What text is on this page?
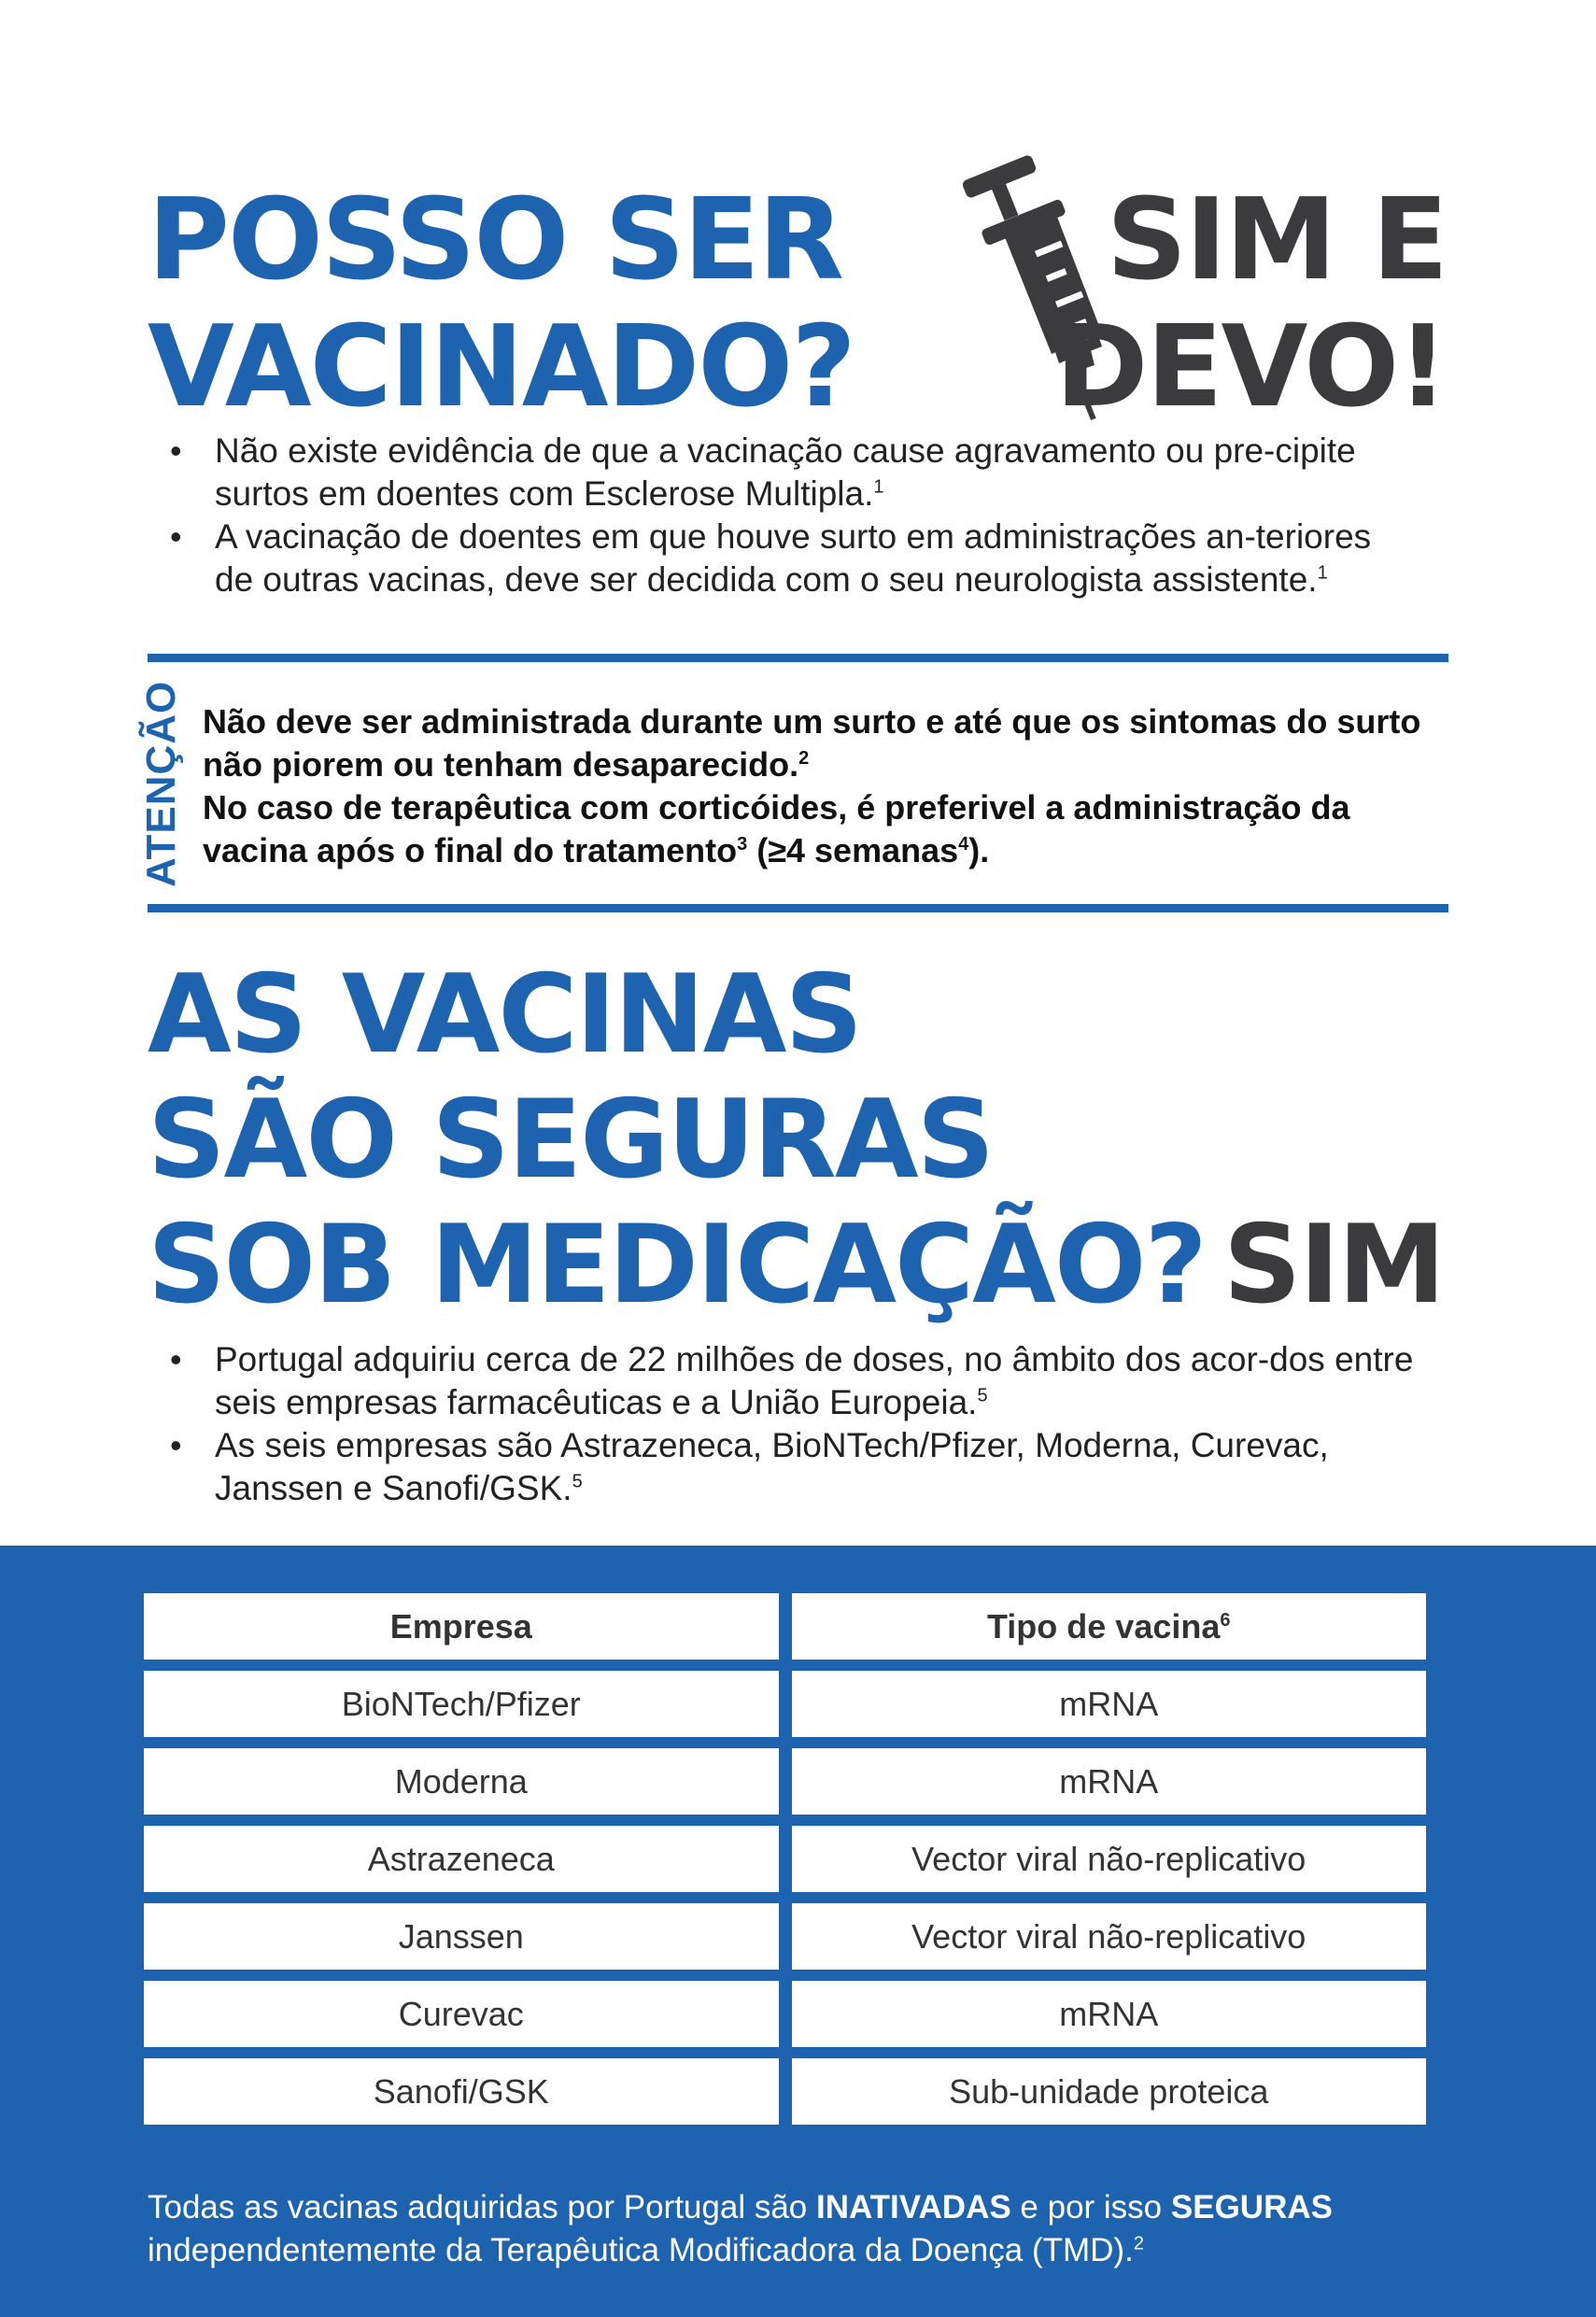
POSSO SER
VACINADO?
SIM E
DEVO!
• Não existe evidência de que a vacinação cause agravamento ou pre-cipite surtos em doentes com Esclerose Multipla.$^1$
• A vacinação de doentes em que houve surto em administrações an-teriores de outras vacinas, deve ser decidida com o seu neurologista assistente.$^1$
ATENÇÃO Não deve ser administrada durante um surto e até que os sintomas do surto não piorem ou tenham desaparecido.$^2$

No caso de terapêutica com corticóides, é preferivel a administração da vacina após o final do tratamento$^3$ (≥4 semanas$^4$).

AS VACINAS
SÃO SEGURAS
SOB MEDICAÇÃO? SIM
• Portugal adquiriu cerca de 22 milhões de doses, no âmbito dos acor-dos entre seis empresas farmacêuticas e a União Europeia.$^5$
• As seis empresas são Astrazeneca, BioNTech/Pfizer, Moderna, Curevac, Janssen e Sanofi/GSK.$^5$
Empresa	Tipo de vacina$^6$
BioNTech/Pfizer	mRNA
Moderna	mRNA
Astrazeneca	Vector viral não-replicativo
Janssen	Vector viral não-replicativo
Curevac	mRNA
Sanofi/GSK	Sub-unidade proteica

Todas as vacinas adquiridas por Portugal são INATIVADAS e por isso SEGURAS independentemente da Terapêutica Modificadora da Doença (TMD).$^2$
